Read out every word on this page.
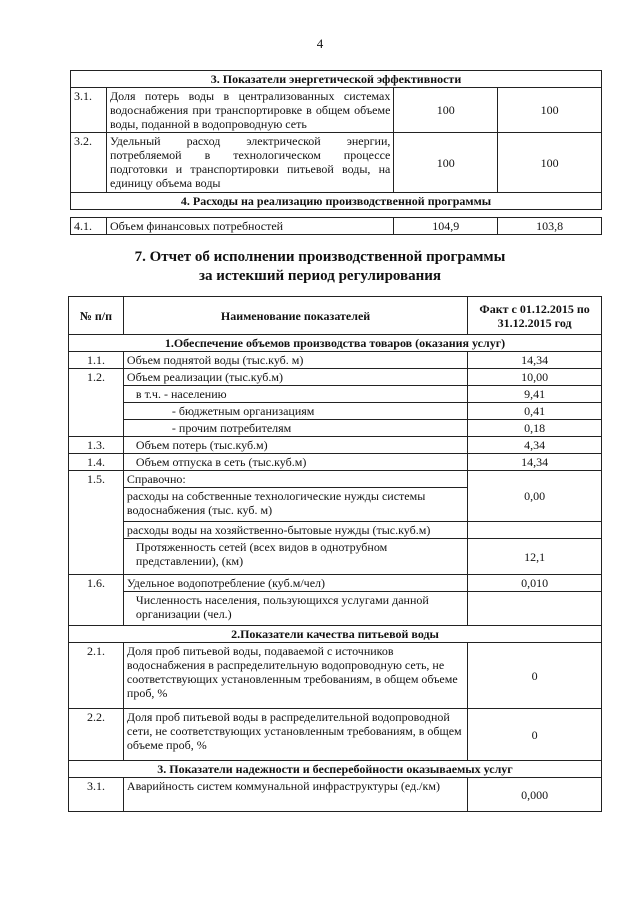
4
3. Показатели энергетической эффективности			
3.1.	Доля потерь воды в централизованных системах водоснабжения при транспортировке в общем объеме воды, поданной в водопроводную сеть	100	100
3.2.	Удельный расход электрической энергии, потребляемой в технологическом процессе подготовки и транспортировки питьевой воды, на единицу объема воды	100	100
4. Расходы на реализацию производственной программы			

4.1.	Объем финансовых потребностей	104,9	103,8
7. Отчет об исполнении производственной программы
за истекший период регулирования
№ п/п	Наименование показателей	Факт с 01.12.2015 по 31.12.2015 год
1.Обеспечение объемов производства товаров (оказания услуг)		
1.1.	Объем поднятой воды (тыс.куб. м)	14,34
1.2.	Объем реализации (тыс.куб.м)	10,00
	в т.ч. - населению	9,41
	- бюджетным организациям	0,41
	- прочим потребителям	0,18
1.3.	Объем потерь (тыс.куб.м)	4,34
1.4.	Объем отпуска в сеть (тыс.куб.м)	14,34
1.5.	Справочно:	0,00
	расходы на собственные технологические нужды системы водоснабжения (тыс. куб. м)	
	расходы воды на хозяйственно-бытовые нужды (тыс.куб.м)	
	Протяженность сетей (всех видов в однотрубном представлении), (км)	12,1
1.6.	Удельное водопотребление (куб.м/чел)	0,010
	Численность населения, пользующихся услугами данной организации (чел.)	
2.Показатели качества питьевой воды		
2.1.	Доля проб питьевой воды, подаваемой с источников водоснабжения в распределительную водопроводную сеть, не соответствующих установленным требованиям, в общем объеме проб, %	0
2.2.	Доля проб питьевой воды в распределительной водопроводной сети, не соответствующих установленным требованиям, в общем объеме проб, %	0
3. Показатели надежности и бесперебойности оказываемых услуг		
3.1.	Аварийность систем коммунальной инфраструктуры (ед./км)	0,000
